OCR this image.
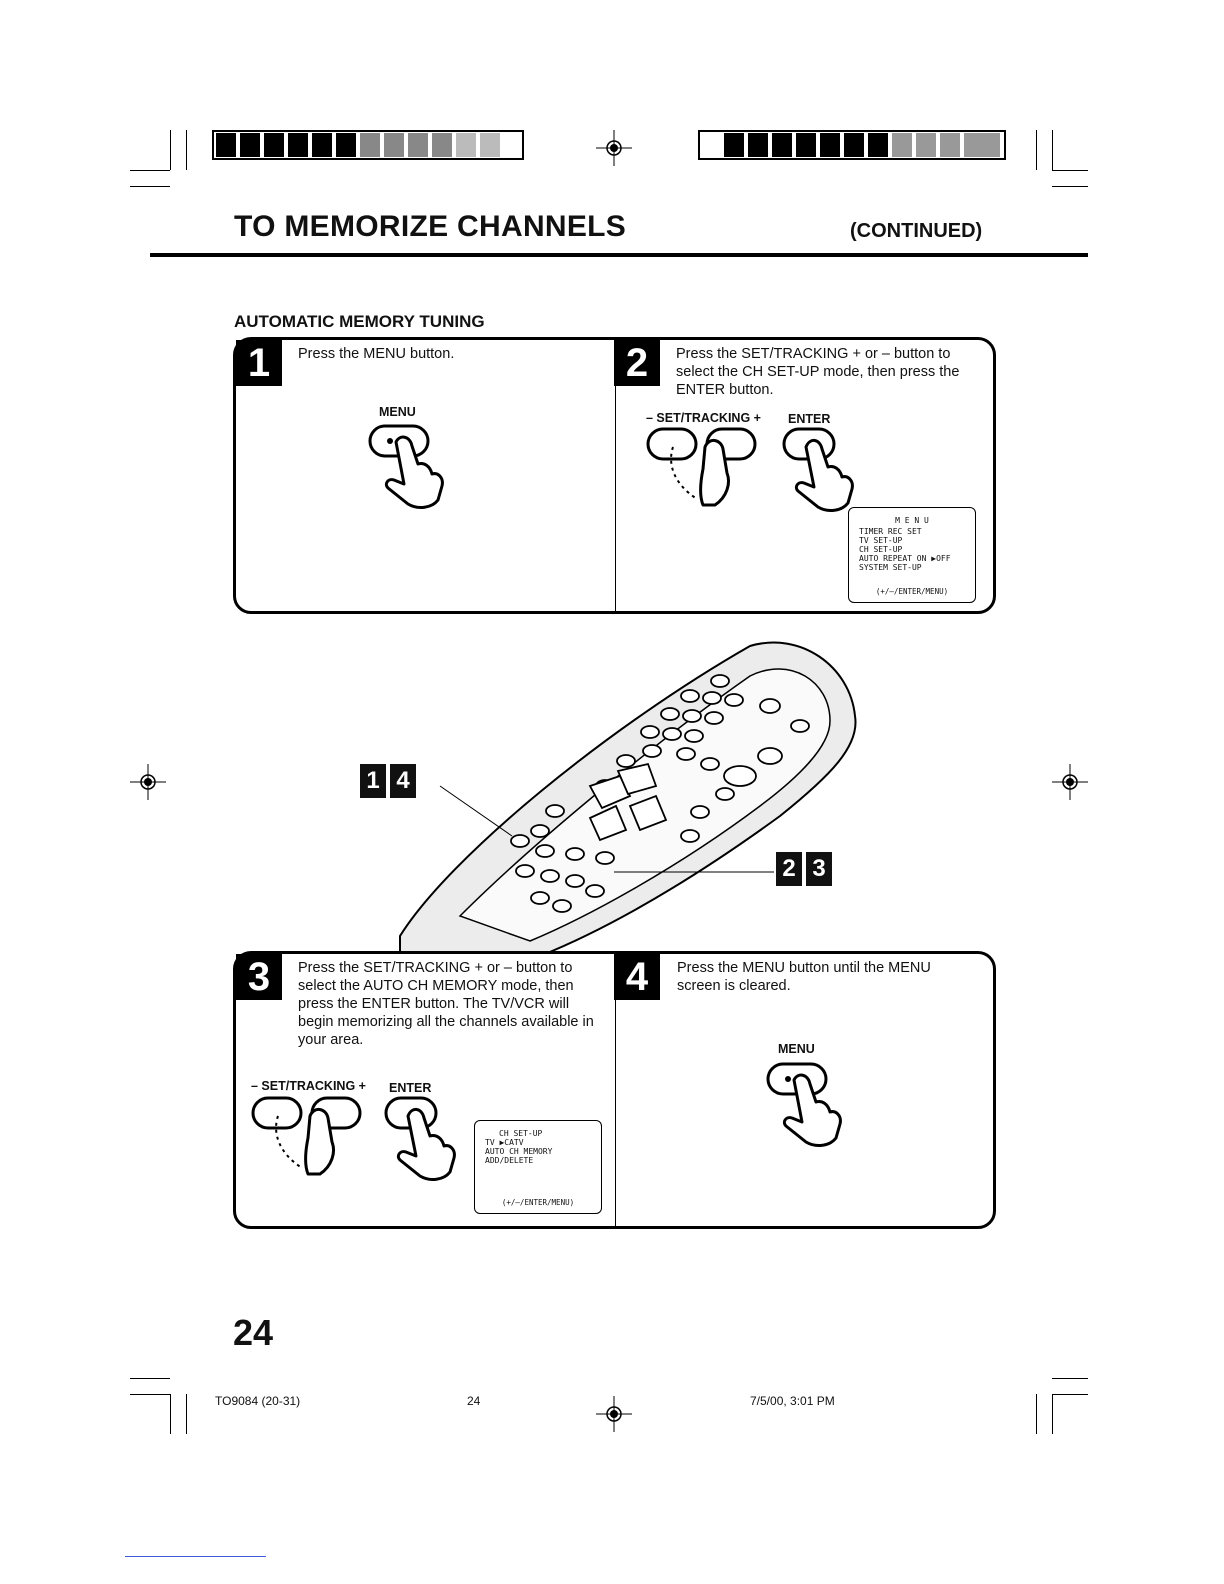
TO MEMORIZE CHANNELS	(CONTINUED)
AUTOMATIC MEMORY TUNING
1	Press the MENU button.
MENU
2	Press the SET/TRACKING + or – button to select the CH SET-UP mode, then press the ENTER button.
– SET/TRACKING + ENTER
M E N U
TIMER REC SET
TV SET-UP
CH SET-UP
AUTO REPEAT ON ▶OFF
SYSTEM SET-UP
(+/–/ENTER/MENU)
1 4
2 3
3	Press the SET/TRACKING + or – button to select the AUTO CH MEMORY mode, then press the ENTER button. The TV/VCR will begin memorizing all the channels available in your area.
– SET/TRACKING + ENTER
CH SET-UP
TV ▶CATV
AUTO CH MEMORY
ADD/DELETE
(+/–/ENTER/MENU)
4	Press the MENU button until the MENU screen is cleared.
MENU
24
TO9084 (20-31)	24	7/5/00, 3:01 PM
